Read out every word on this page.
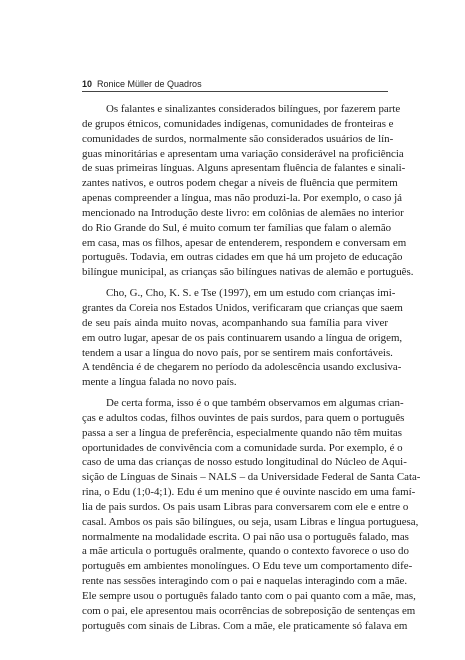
10 Ronice Müller de Quadros

Os falantes e sinalizantes considerados bilíngues, por fazerem parte
de grupos étnicos, comunidades indígenas, comunidades de fronteiras e
comunidades de surdos, normalmente são considerados usuários de lín-
guas minoritárias e apresentam uma variação considerável na proficiência
de suas primeiras línguas. Alguns apresentam fluência de falantes e sinali-
zantes nativos, e outros podem chegar a níveis de fluência que permitem
apenas compreender a língua, mas não produzi-la. Por exemplo, o caso já
mencionado na Introdução deste livro: em colônias de alemães no interior
do Rio Grande do Sul, é muito comum ter famílias que falam o alemão
em casa, mas os filhos, apesar de entenderem, respondem e conversam em
português. Todavia, em outras cidades em que há um projeto de educação
bilíngue municipal, as crianças são bilíngues nativas de alemão e português.

Cho, G., Cho, K. S. e Tse (1997), em um estudo com crianças imi-
grantes da Coreia nos Estados Unidos, verificaram que crianças que saem
de seu país ainda muito novas, acompanhando sua família para viver
em outro lugar, apesar de os pais continuarem usando a língua de origem,
tendem a usar a língua do novo país, por se sentirem mais confortáveis.
A tendência é de chegarem no período da adolescência usando exclusiva-
mente a língua falada no novo país.

De certa forma, isso é o que também observamos em algumas crian-
ças e adultos codas, filhos ouvintes de pais surdos, para quem o português
passa a ser a língua de preferência, especialmente quando não têm muitas
oportunidades de convivência com a comunidade surda. Por exemplo, é o
caso de uma das crianças de nosso estudo longitudinal do Núcleo de Aqui-
sição de Línguas de Sinais – NALS – da Universidade Federal de Santa Cata-
rina, o Edu (1;0-4;1). Edu é um menino que é ouvinte nascido em uma famí-
lia de pais surdos. Os pais usam Libras para conversarem com ele e entre o
casal. Ambos os pais são bilíngues, ou seja, usam Libras e língua portuguesa,
normalmente na modalidade escrita. O pai não usa o português falado, mas
a mãe articula o português oralmente, quando o contexto favorece o uso do
português em ambientes monolíngues. O Edu teve um comportamento dife-
rente nas sessões interagindo com o pai e naquelas interagindo com a mãe.
Ele sempre usou o português falado tanto com o pai quanto com a mãe, mas,
com o pai, ele apresentou mais ocorrências de sobreposição de sentenças em
português com sinais de Libras. Com a mãe, ele praticamente só falava em
